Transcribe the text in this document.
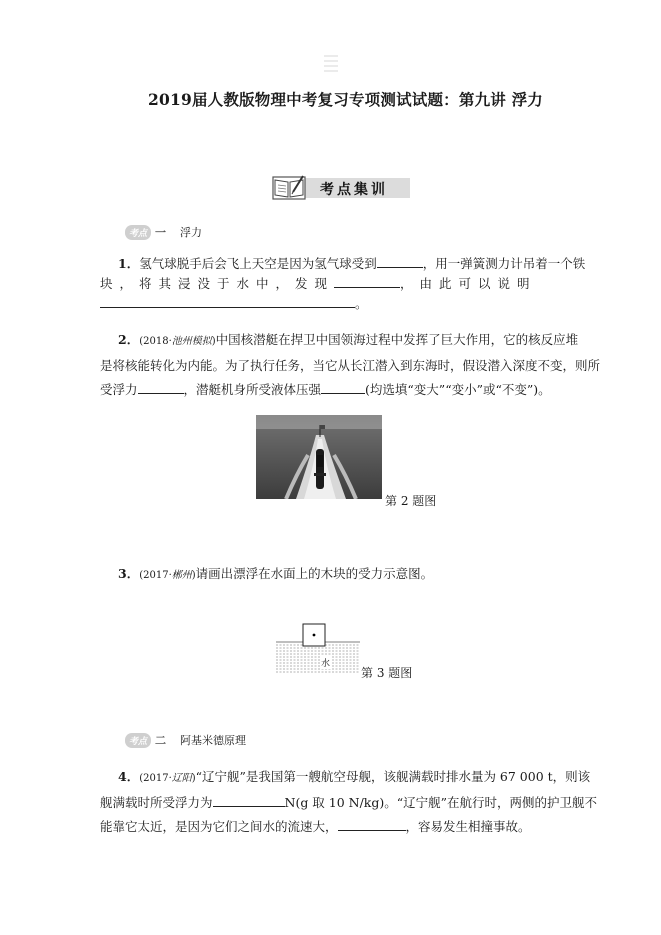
2019届人教版物理中考复习专项测试试题：第九讲 浮力
考点集训
考点 一 浮力
1．氢气球脱手后会飞上天空是因为氢气球受到	，用一弹簧测力计吊着一个铁
块，将其浸没于水中，发现	，由此可以说明
。
2．(2018·池州模拟)中国核潜艇在捍卫中国领海过程中发挥了巨大作用，它的核反应堆
是将核能转化为内能。为了执行任务，当它从长江潜入到东海时，假设潜入深度不变，则所
受浮力	，潜艇机身所受液体压强	(均选填“变大”“变小”或“不变”)。
第 2 题图
3．(2017·郴州)请画出漂浮在水面上的木块的受力示意图。
水
第 3 题图
考点 二 阿基米德原理
4．(2017·辽阳)“辽宁舰”是我国第一艘航空母舰，该舰满载时排水量为 67 000 t，则该
舰满载时所受浮力为	N(g 取 10 N/kg)。“辽宁舰”在航行时，两侧的护卫舰不
能靠它太近，是因为它们之间水的流速大，	，容易发生相撞事故。
